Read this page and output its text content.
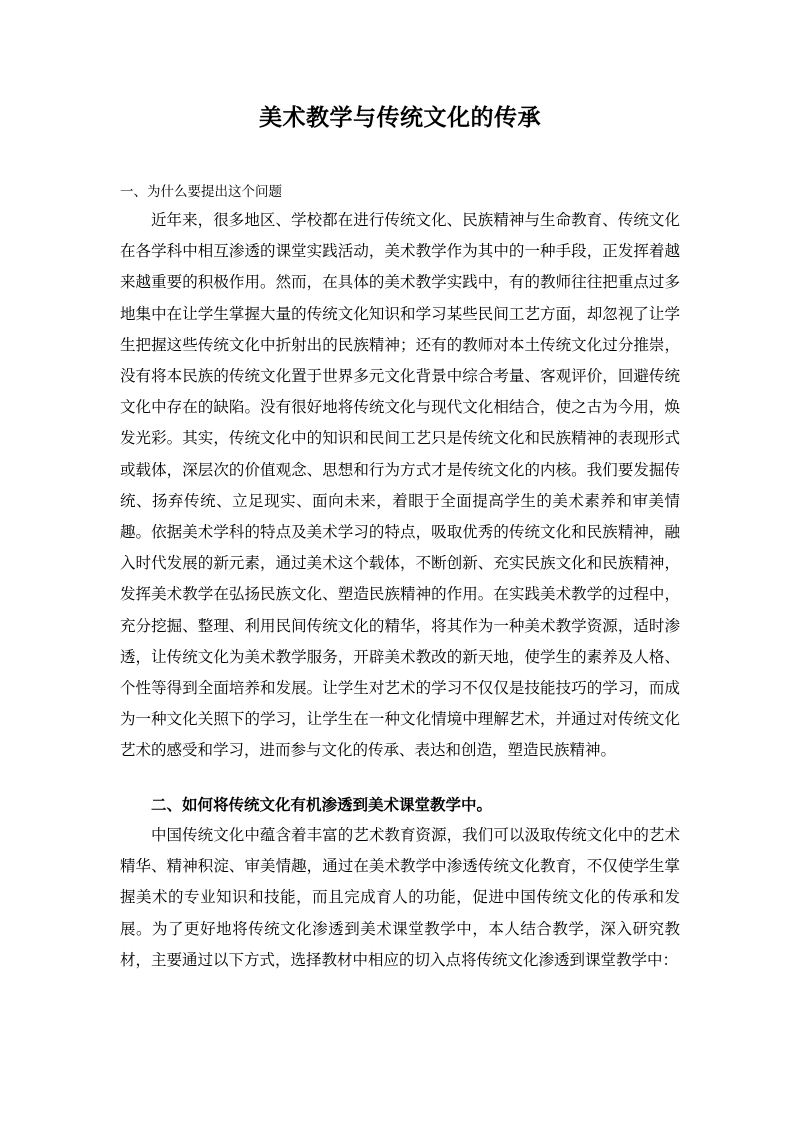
美术教学与传统文化的传承
一、为什么要提出这个问题

近年来，很多地区、学校都在进行传统文化、民族精神与生命教育、传统文化在各学科中相互渗透的课堂实践活动，美术教学作为其中的一种手段，正发挥着越来越重要的积极作用。然而，在具体的美术教学实践中，有的教师往往把重点过多地集中在让学生掌握大量的传统文化知识和学习某些民间工艺方面，却忽视了让学生把握这些传统文化中折射出的民族精神；还有的教师对本土传统文化过分推崇，没有将本民族的传统文化置于世界多元文化背景中综合考量、客观评价，回避传统文化中存在的缺陷。没有很好地将传统文化与现代文化相结合，使之古为今用，焕发光彩。其实，传统文化中的知识和民间工艺只是传统文化和民族精神的表现形式或载体，深层次的价值观念、思想和行为方式才是传统文化的内核。我们要发掘传统、扬弃传统、立足现实、面向未来，着眼于全面提高学生的美术素养和审美情趣。依据美术学科的特点及美术学习的特点，吸取优秀的传统文化和民族精神，融入时代发展的新元素，通过美术这个载体，不断创新、充实民族文化和民族精神，发挥美术教学在弘扬民族文化、塑造民族精神的作用。在实践美术教学的过程中，充分挖掘、整理、利用民间传统文化的精华，将其作为一种美术教学资源，适时渗透，让传统文化为美术教学服务，开辟美术教改的新天地，使学生的素养及人格、个性等得到全面培养和发展。让学生对艺术的学习不仅仅是技能技巧的学习，而成为一种文化关照下的学习，让学生在一种文化情境中理解艺术，并通过对传统文化艺术的感受和学习，进而参与文化的传承、表达和创造，塑造民族精神。

二、如何将传统文化有机渗透到美术课堂教学中。

中国传统文化中蕴含着丰富的艺术教育资源，我们可以汲取传统文化中的艺术精华、精神积淀、审美情趣，通过在美术教学中渗透传统文化教育，不仅使学生掌握美术的专业知识和技能，而且完成育人的功能，促进中国传统文化的传承和发展。为了更好地将传统文化渗透到美术课堂教学中，本人结合教学，深入研究教材，主要通过以下方式，选择教材中相应的切入点将传统文化渗透到课堂教学中：
